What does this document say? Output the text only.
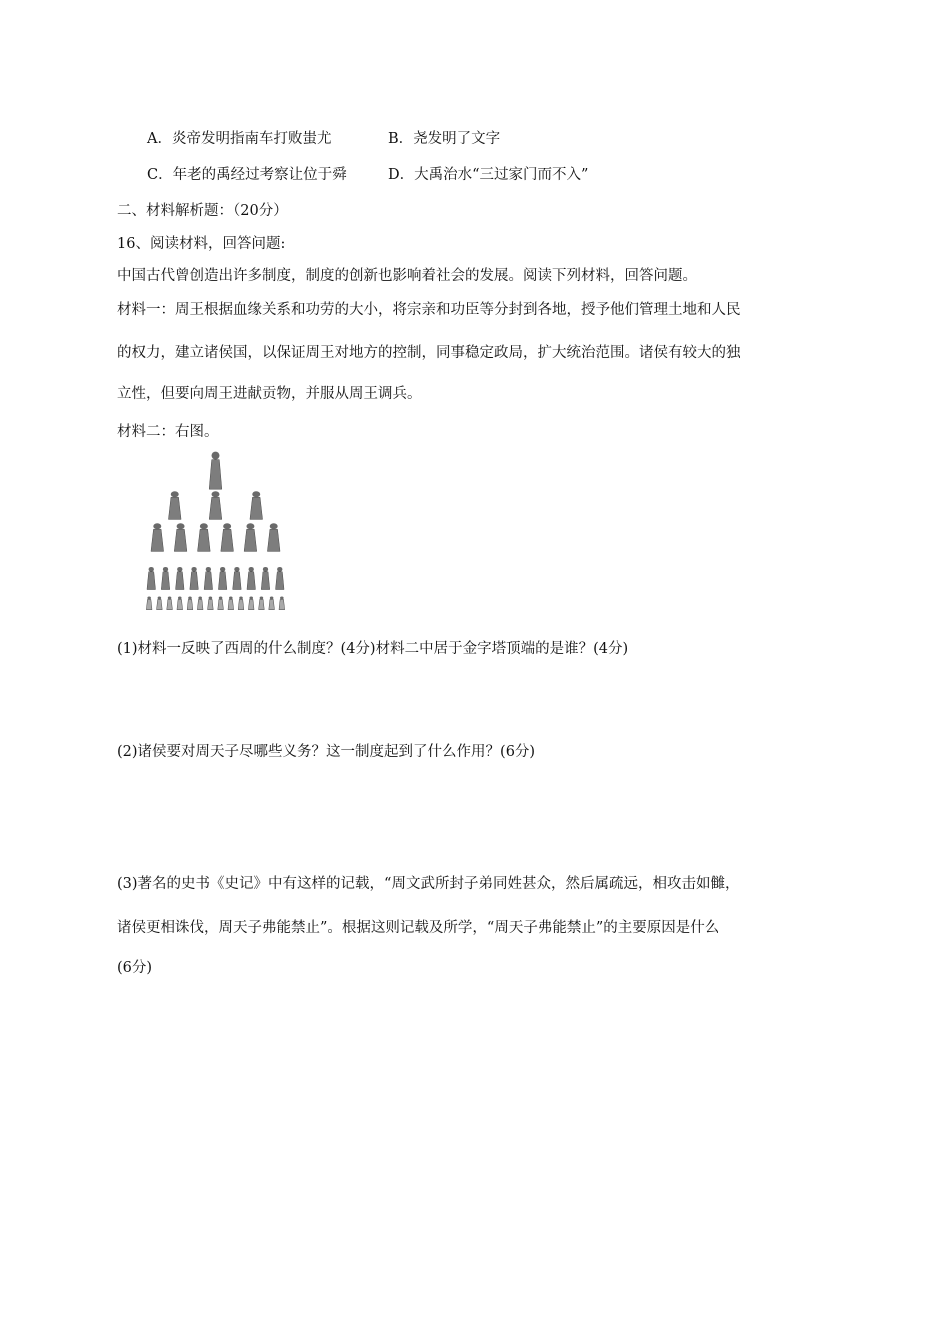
A．炎帝发明指南车打败蚩尤	B．尧发明了文字
C．年老的禹经过考察让位于舜	D．大禹治水“三过家门而不入”
二、材料解析题：（20分）
16、阅读材料，回答问题:
中国古代曾创造出许多制度，制度的创新也影响着社会的发展。阅读下列材料，回答问题。
材料一：周王根据血缘关系和功劳的大小，将宗亲和功臣等分封到各地，授予他们管理土地和人民
的权力，建立诸侯国，以保证周王对地方的控制，同事稳定政局，扩大统治范围。诸侯有较大的独
立性，但要向周王进献贡物，并服从周王调兵。
材料二：右图。
(1)材料一反映了西周的什么制度？(4分)材料二中居于金字塔顶端的是谁？(4分)
(2)诸侯要对周天子尽哪些义务？这一制度起到了什么作用？(6分)
(3)著名的史书《史记》中有这样的记载，“周文武所封子弟同姓甚众，然后属疏远，相攻击如雠，
诸侯更相诛伐，周天子弗能禁止”。根据这则记载及所学，“周天子弗能禁止”的主要原因是什么
(6分)
